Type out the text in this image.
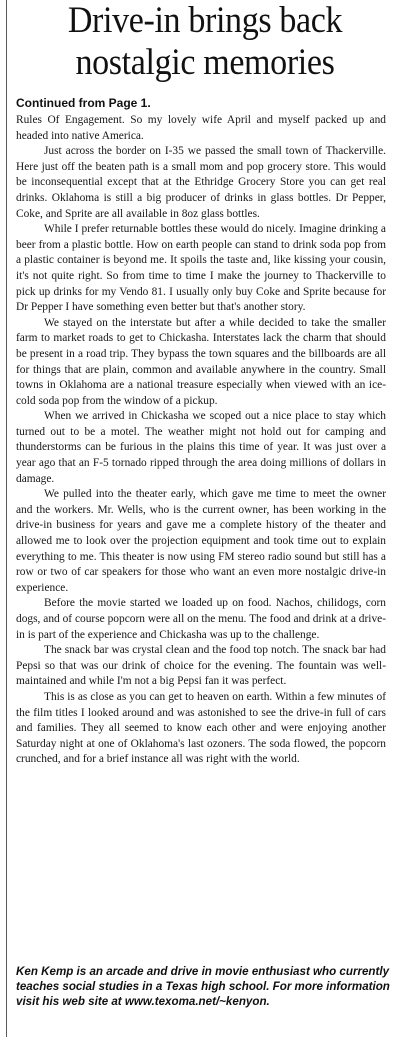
Drive-in brings back
nostalgic memories
Continued from Page 1.

Rules Of Engagement. So my lovely wife April and myself packed up and headed into native America.

Just across the border on I-35 we passed the small town of Thackerville. Here just off the beaten path is a small mom and pop grocery store. This would be inconsequential except that at the Ethridge Grocery Store you can get real drinks. Oklahoma is still a big producer of drinks in glass bottles. Dr Pepper, Coke, and Sprite are all available in 8oz glass bottles.

While I prefer returnable bottles these would do nicely. Imagine drinking a beer from a plastic bottle. How on earth people can stand to drink soda pop from a plastic container is beyond me. It spoils the taste and, like kissing your cousin, it's not quite right. So from time to time I make the journey to Thackerville to pick up drinks for my Vendo 81. I usually only buy Coke and Sprite because for Dr Pepper I have something even better but that's another story.

We stayed on the interstate but after a while decided to take the smaller farm to market roads to get to Chickasha. Interstates lack the charm that should be present in a road trip. They bypass the town squares and the billboards are all for things that are plain, common and available anywhere in the country. Small towns in Oklahoma are a national treasure especially when viewed with an ice-cold soda pop from the window of a pickup.

When we arrived in Chickasha we scoped out a nice place to stay which turned out to be a motel. The weather might not hold out for camping and thunderstorms can be furious in the plains this time of year. It was just over a year ago that an F-5 tornado ripped through the area doing millions of dollars in damage.

We pulled into the theater early, which gave me time to meet the owner and the workers. Mr. Wells, who is the current owner, has been working in the drive-in business for years and gave me a complete history of the theater and allowed me to look over the projection equipment and took time out to explain everything to me. This theater is now using FM stereo radio sound but still has a row or two of car speakers for those who want an even more nostalgic drive-in experience.

Before the movie started we loaded up on food. Nachos, chilidogs, corn dogs, and of course popcorn were all on the menu. The food and drink at a drive-in is part of the experience and Chickasha was up to the challenge.

The snack bar was crystal clean and the food top notch. The snack bar had Pepsi so that was our drink of choice for the evening. The fountain was well-maintained and while I'm not a big Pepsi fan it was perfect.

This is as close as you can get to heaven on earth. Within a few minutes of the film titles I looked around and was astonished to see the drive-in full of cars and families. They all seemed to know each other and were enjoying another Saturday night at one of Oklahoma's last ozoners. The soda flowed, the popcorn crunched, and for a brief instance all was right with the world.

Ken Kemp is an arcade and drive in movie enthusiast who currently teaches social studies in a Texas high school. For more information visit his web site at www.texoma.net/~kenyon.
